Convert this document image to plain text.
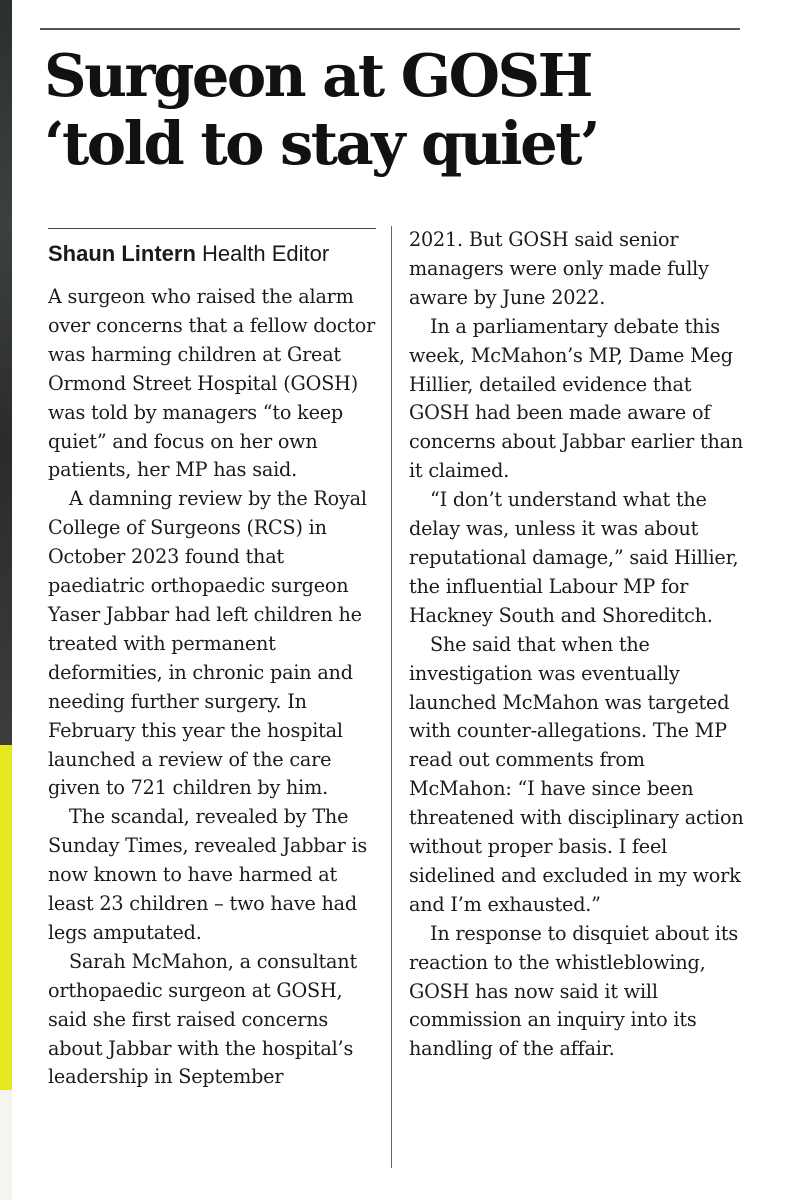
Surgeon at GOSH
‘told to stay quiet’
Shaun Lintern Health Editor

A surgeon who raised the alarm over concerns that a fellow doctor was harming children at Great Ormond Street Hospital (GOSH) was told by managers “to keep quiet” and focus on her own patients, her MP has said.

A damning review by the Royal College of Surgeons (RCS) in October 2023 found that paediatric orthopaedic surgeon Yaser Jabbar had left children he treated with permanent deformities, in chronic pain and needing further surgery. In February this year the hospital launched a review of the care given to 721 children by him.

The scandal, revealed by The Sunday Times, revealed Jabbar is now known to have harmed at least 23 children – two have had legs amputated.

Sarah McMahon, a consultant orthopaedic surgeon at GOSH, said she first raised concerns about Jabbar with the hospital’s leadership in September

2021. But GOSH said senior managers were only made fully aware by June 2022.

In a parliamentary debate this week, McMahon’s MP, Dame Meg Hillier, detailed evidence that GOSH had been made aware of concerns about Jabbar earlier than it claimed.

“I don’t understand what the delay was, unless it was about reputational damage,” said Hillier, the influential Labour MP for Hackney South and Shoreditch.

She said that when the investigation was eventually launched McMahon was targeted with counter-allegations. The MP read out comments from McMahon: “I have since been threatened with disciplinary action without proper basis. I feel sidelined and excluded in my work and I’m exhausted.”

In response to disquiet about its reaction to the whistleblowing, GOSH has now said it will commission an inquiry into its handling of the affair.
